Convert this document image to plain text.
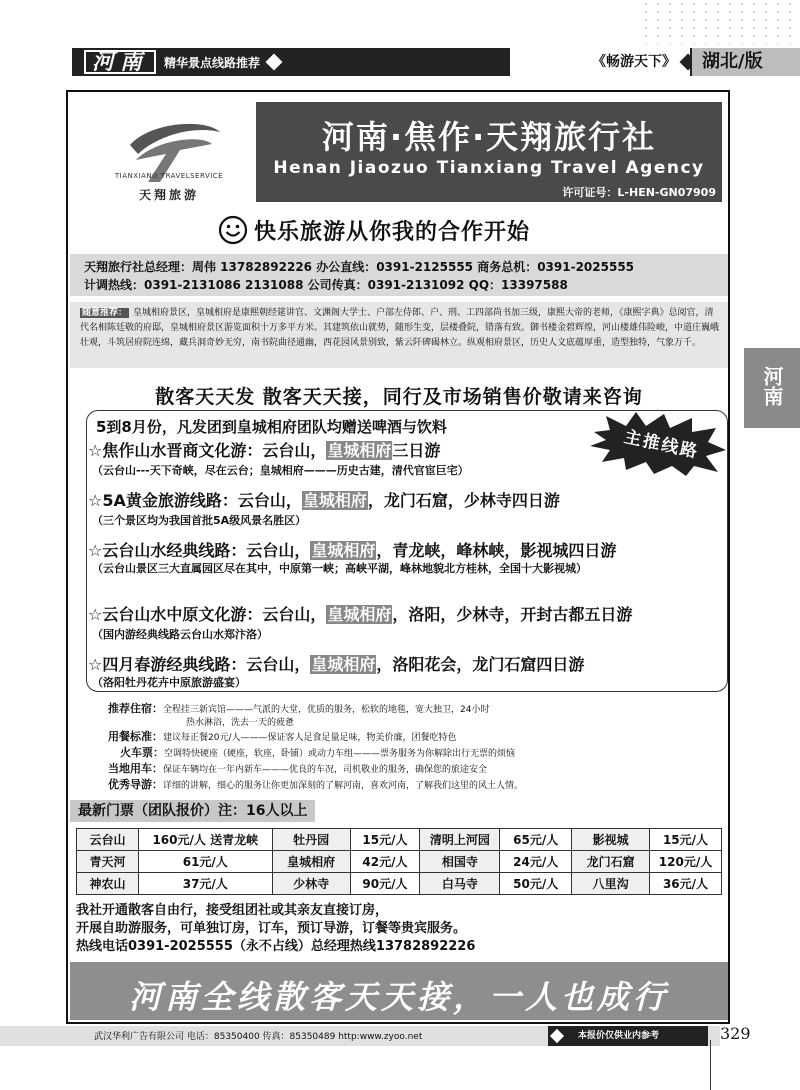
河南	精华景点线路推荐	《畅游天下》	湖北/版
河南
TIANXIANG TRAVELSERVICE
天翔旅游
河南·焦作·天翔旅行社
Henan Jiaozuo Tianxiang Travel Agency
许可证号：L-HEN-GN07909
快乐旅游从你我的合作开始
天翔旅行社总经理：周伟 13782892226 办公直线：0391-2125555 商务总机：0391-2025555
计调热线：0391-2131086 2131088 公司传真：0391-2131092 QQ：13397588
随意推荐： 皇城相府景区，皇城相府是康熙朝经筵讲官、文渊阁大学士、户部左侍郎、户、刑、工四部尚书加三级，康熙大帝的老师，《康熙字典》总阅官，清代名相陈廷敬的府邸，皇城相府景区游览面积十万多平方米。其建筑依山就势，随形生变，层楼叠院，错落有致。御书楼金碧辉煌，河山楼雄伟险峻，中道庄巍峨壮观，斗筑居府院连绵，藏兵洞奇妙无穷，南书院曲径通幽，西花园风景别致，紫云阡碑碣林立。纵观相府景区，历史人文底蕴厚重，造型独特，气象万千。
散客天天发 散客天天接，同行及市场销售价敬请来咨询
5到8月份，凡发团到皇城相府团队均赠送啤酒与饮料
主推线路
☆焦作山水晋商文化游：云台山，皇城相府三日游
（云台山---天下奇峡，尽在云台；皇城相府———历史古建，清代官宦巨宅）
☆5A黄金旅游线路：云台山，皇城相府，龙门石窟，少林寺四日游
（三个景区均为我国首批5A级风景名胜区）
☆云台山水经典线路：云台山，皇城相府，青龙峡，峰林峡，影视城四日游
（云台山景区三大直属园区尽在其中，中原第一峡；高峡平湖，峰林地貌北方桂林，全国十大影视城）
☆云台山水中原文化游：云台山，皇城相府，洛阳，少林寺，开封古都五日游
（国内游经典线路云台山水郑汴洛）
☆四月春游经典线路：云台山，皇城相府，洛阳花会，龙门石窟四日游
（洛阳牡丹花卉中原旅游盛宴）
推荐住宿：全程挂三新宾馆———气派的大堂，优质的服务，松软的地毯，宽大独卫，24小时
热水淋浴，洗去一天的疲惫
用餐标准：建议每正餐20元/人———保证客人足食足量足味，物美价廉，团餐吃特色
火车票：空调特快硬座（硬座，软座，卧铺）或动力车组———票务服务为你解除出行无票的烦恼
当地用车：保证车辆均在一年内新车———优良的车况，司机敬业的服务，确保您的旅途安全
优秀导游：详细的讲解，细心的服务让你更加深刻的了解河南，喜欢河南，了解我们这里的风土人情。
最新门票（团队报价）注：16人以上
云台山	160元/人 送青龙峡	牡丹园	15元/人	清明上河园	65元/人	影视城	15元/人
青天河	61元/人	皇城相府	42元/人	相国寺	24元/人	龙门石窟	120元/人
神农山	37元/人	少林寺	90元/人	白马寺	50元/人	八里沟	36元/人
我社开通散客自由行，接受组团社或其亲友直接订房，
开展自助游服务，可单独订房，订车，预订导游，订餐等贵宾服务。
热线电话0391-2025555（永不占线）总经理热线13782892226
河南全线散客天天接，一人也成行
武汉华利广告有限公司 电话：85350400 传真：85350489 http:www.zyoo.net	本报价仅供业内参考	329
